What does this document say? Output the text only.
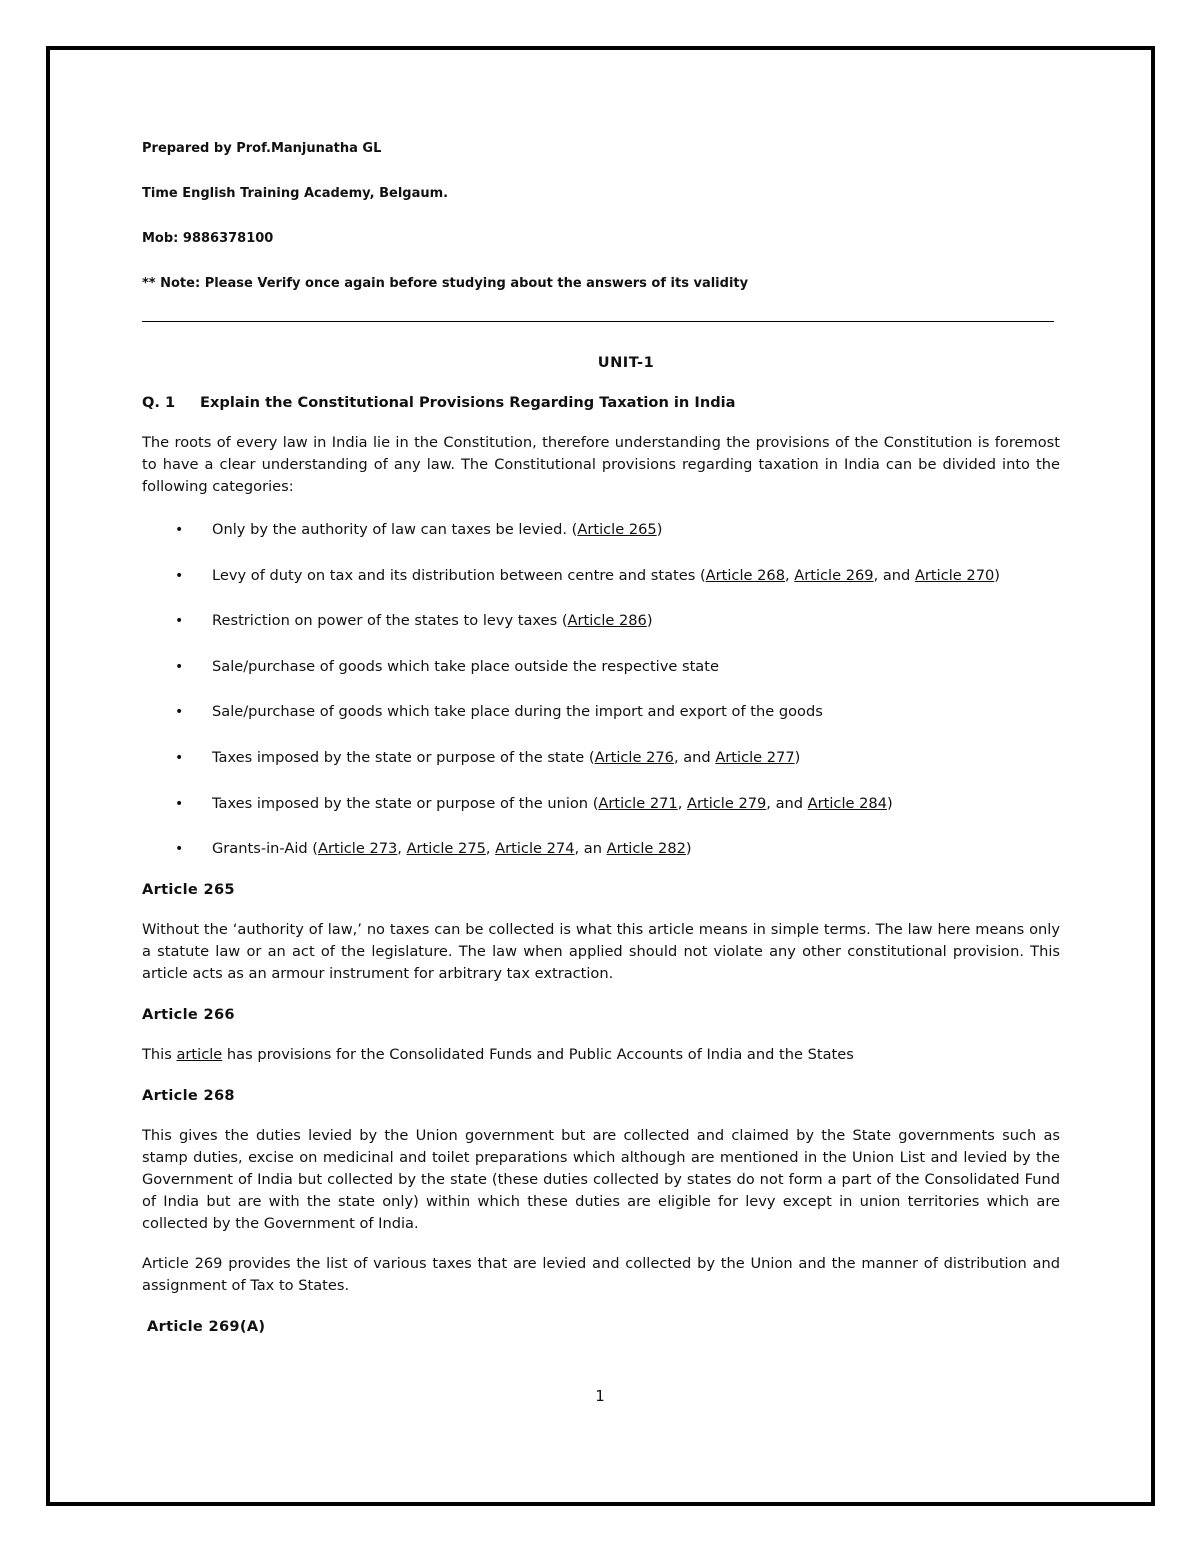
Prepared by Prof.Manjunatha GL

Time English Training Academy, Belgaum.

Mob: 9886378100

** Note: Please Verify once again before studying about the answers of its validity

UNIT-1
Q. 1	Explain the Constitutional Provisions Regarding Taxation in India

The roots of every law in India lie in the Constitution, therefore understanding the provisions of the Constitution is foremost to have a clear understanding of any law. The Constitutional provisions regarding taxation in India can be divided into the following categories:

• Only by the authority of law can taxes be levied. (Article 265)
• Levy of duty on tax and its distribution between centre and states (Article 268, Article 269, and Article 270)
• Restriction on power of the states to levy taxes (Article 286)
• Sale/purchase of goods which take place outside the respective state
• Sale/purchase of goods which take place during the import and export of the goods
• Taxes imposed by the state or purpose of the state (Article 276, and Article 277)
• Taxes imposed by the state or purpose of the union (Article 271, Article 279, and Article 284)
• Grants-in-Aid (Article 273, Article 275, Article 274, an Article 282)
Article 265

Without the ‘authority of law,’ no taxes can be collected is what this article means in simple terms. The law here means only a statute law or an act of the legislature. The law when applied should not violate any other constitutional provision. This article acts as an armour instrument for arbitrary tax extraction.

Article 266

This article has provisions for the Consolidated Funds and Public Accounts of India and the States

Article 268

This gives the duties levied by the Union government but are collected and claimed by the State governments such as stamp duties, excise on medicinal and toilet preparations which although are mentioned in the Union List and levied by the Government of India but collected by the state (these duties collected by states do not form a part of the Consolidated Fund of India but are with the state only) within which these duties are eligible for levy except in union territories which are collected by the Government of India.

Article 269 provides the list of various taxes that are levied and collected by the Union and the manner of distribution and assignment of Tax to States.

Article 269(A)
1
